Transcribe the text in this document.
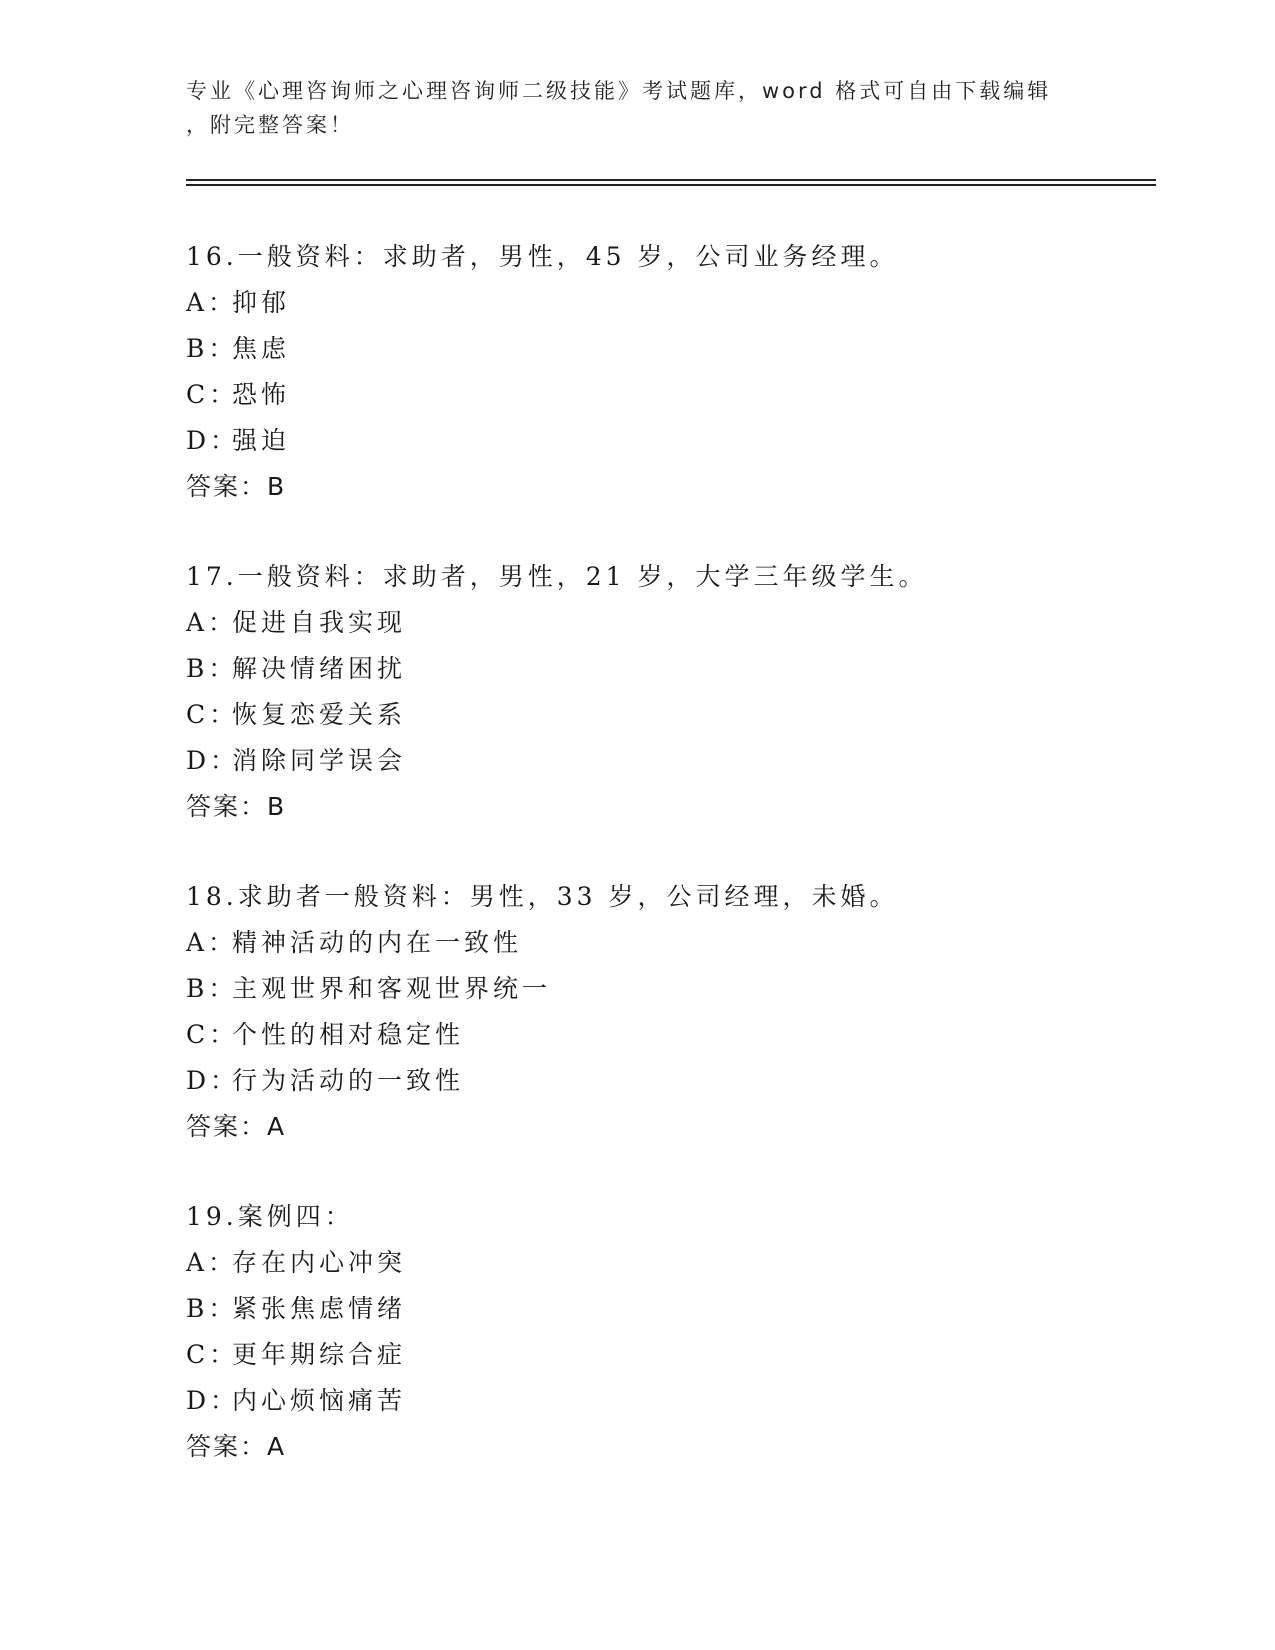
专业《心理咨询师之心理咨询师二级技能》考试题库，word 格式可自由下载编辑
，附完整答案！
16.一般资料：求助者，男性，45 岁，公司业务经理。
A：
抑郁
B：
焦虑
C：
恐怖
D：
强迫
答案：B
17.一般资料：求助者，男性，21 岁，大学三年级学生。
A：
促进自我实现
B：
解决情绪困扰
C：
恢复恋爱关系
D：
消除同学误会
答案：B
18.求助者一般资料：男性，33 岁，公司经理，未婚。
A：
精神活动的内在一致性
B：
主观世界和客观世界统一
C：
个性的相对稳定性
D：
行为活动的一致性
答案：A
19.案例四：
A：
存在内心冲突
B：
紧张焦虑情绪
C：
更年期综合症
D：
内心烦恼痛苦
答案：A
